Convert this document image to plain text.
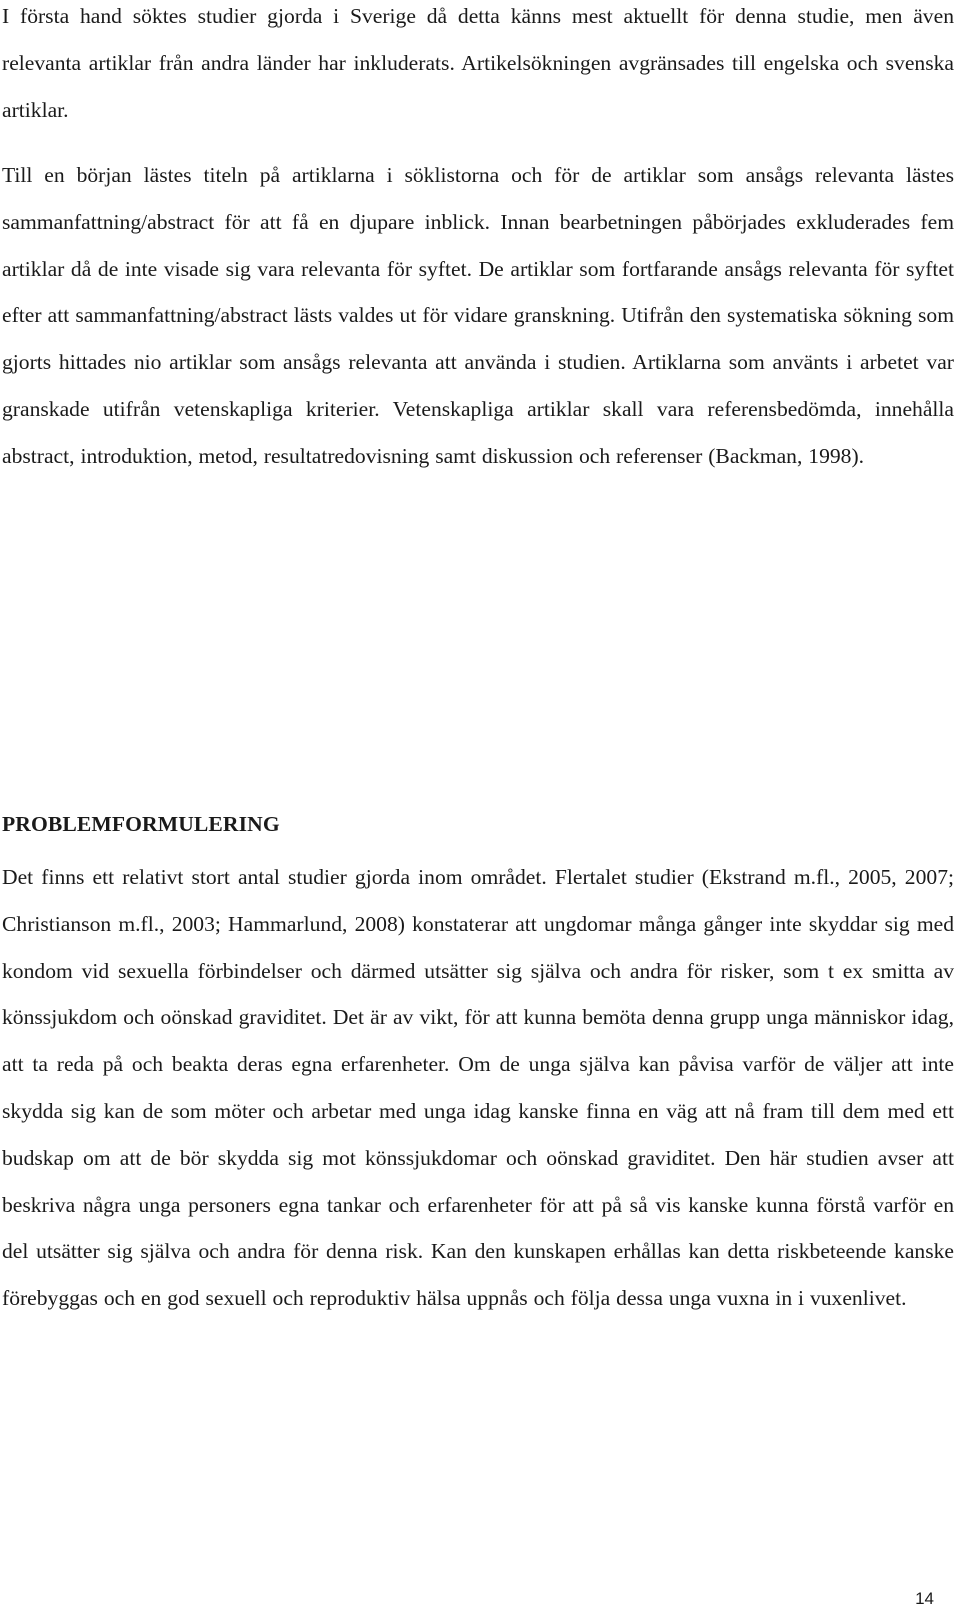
I första hand söktes studier gjorda i Sverige då detta känns mest aktuellt för denna studie, men även relevanta artiklar från andra länder har inkluderats. Artikelsökningen avgränsades till engelska och svenska artiklar.

Till en början lästes titeln på artiklarna i söklistorna och för de artiklar som ansågs relevanta lästes sammanfattning/abstract för att få en djupare inblick. Innan bearbetningen påbörjades exkluderades fem artiklar då de inte visade sig vara relevanta för syftet. De artiklar som fortfarande ansågs relevanta för syftet efter att sammanfattning/abstract lästs valdes ut för vidare granskning. Utifrån den systematiska sökning som gjorts hittades nio artiklar som ansågs relevanta att använda i studien. Artiklarna som använts i arbetet var granskade utifrån vetenskapliga kriterier. Vetenskapliga artiklar skall vara referensbedömda, innehålla abstract, introduktion, metod, resultatredovisning samt diskussion och referenser (Backman, 1998).

PROBLEMFORMULERING

Det finns ett relativt stort antal studier gjorda inom området. Flertalet studier (Ekstrand m.fl., 2005, 2007; Christianson m.fl., 2003; Hammarlund, 2008) konstaterar att ungdomar många gånger inte skyddar sig med kondom vid sexuella förbindelser och därmed utsätter sig själva och andra för risker, som t ex smitta av könssjukdom och oönskad graviditet. Det är av vikt, för att kunna bemöta denna grupp unga människor idag, att ta reda på och beakta deras egna erfarenheter. Om de unga själva kan påvisa varför de väljer att inte skydda sig kan de som möter och arbetar med unga idag kanske finna en väg att nå fram till dem med ett budskap om att de bör skydda sig mot könssjukdomar och oönskad graviditet. Den här studien avser att beskriva några unga personers egna tankar och erfarenheter för att på så vis kanske kunna förstå varför en del utsätter sig själva och andra för denna risk. Kan den kunskapen erhållas kan detta riskbeteende kanske förebyggas och en god sexuell och reproduktiv hälsa uppnås och följa dessa unga vuxna in i vuxenlivet.

14
